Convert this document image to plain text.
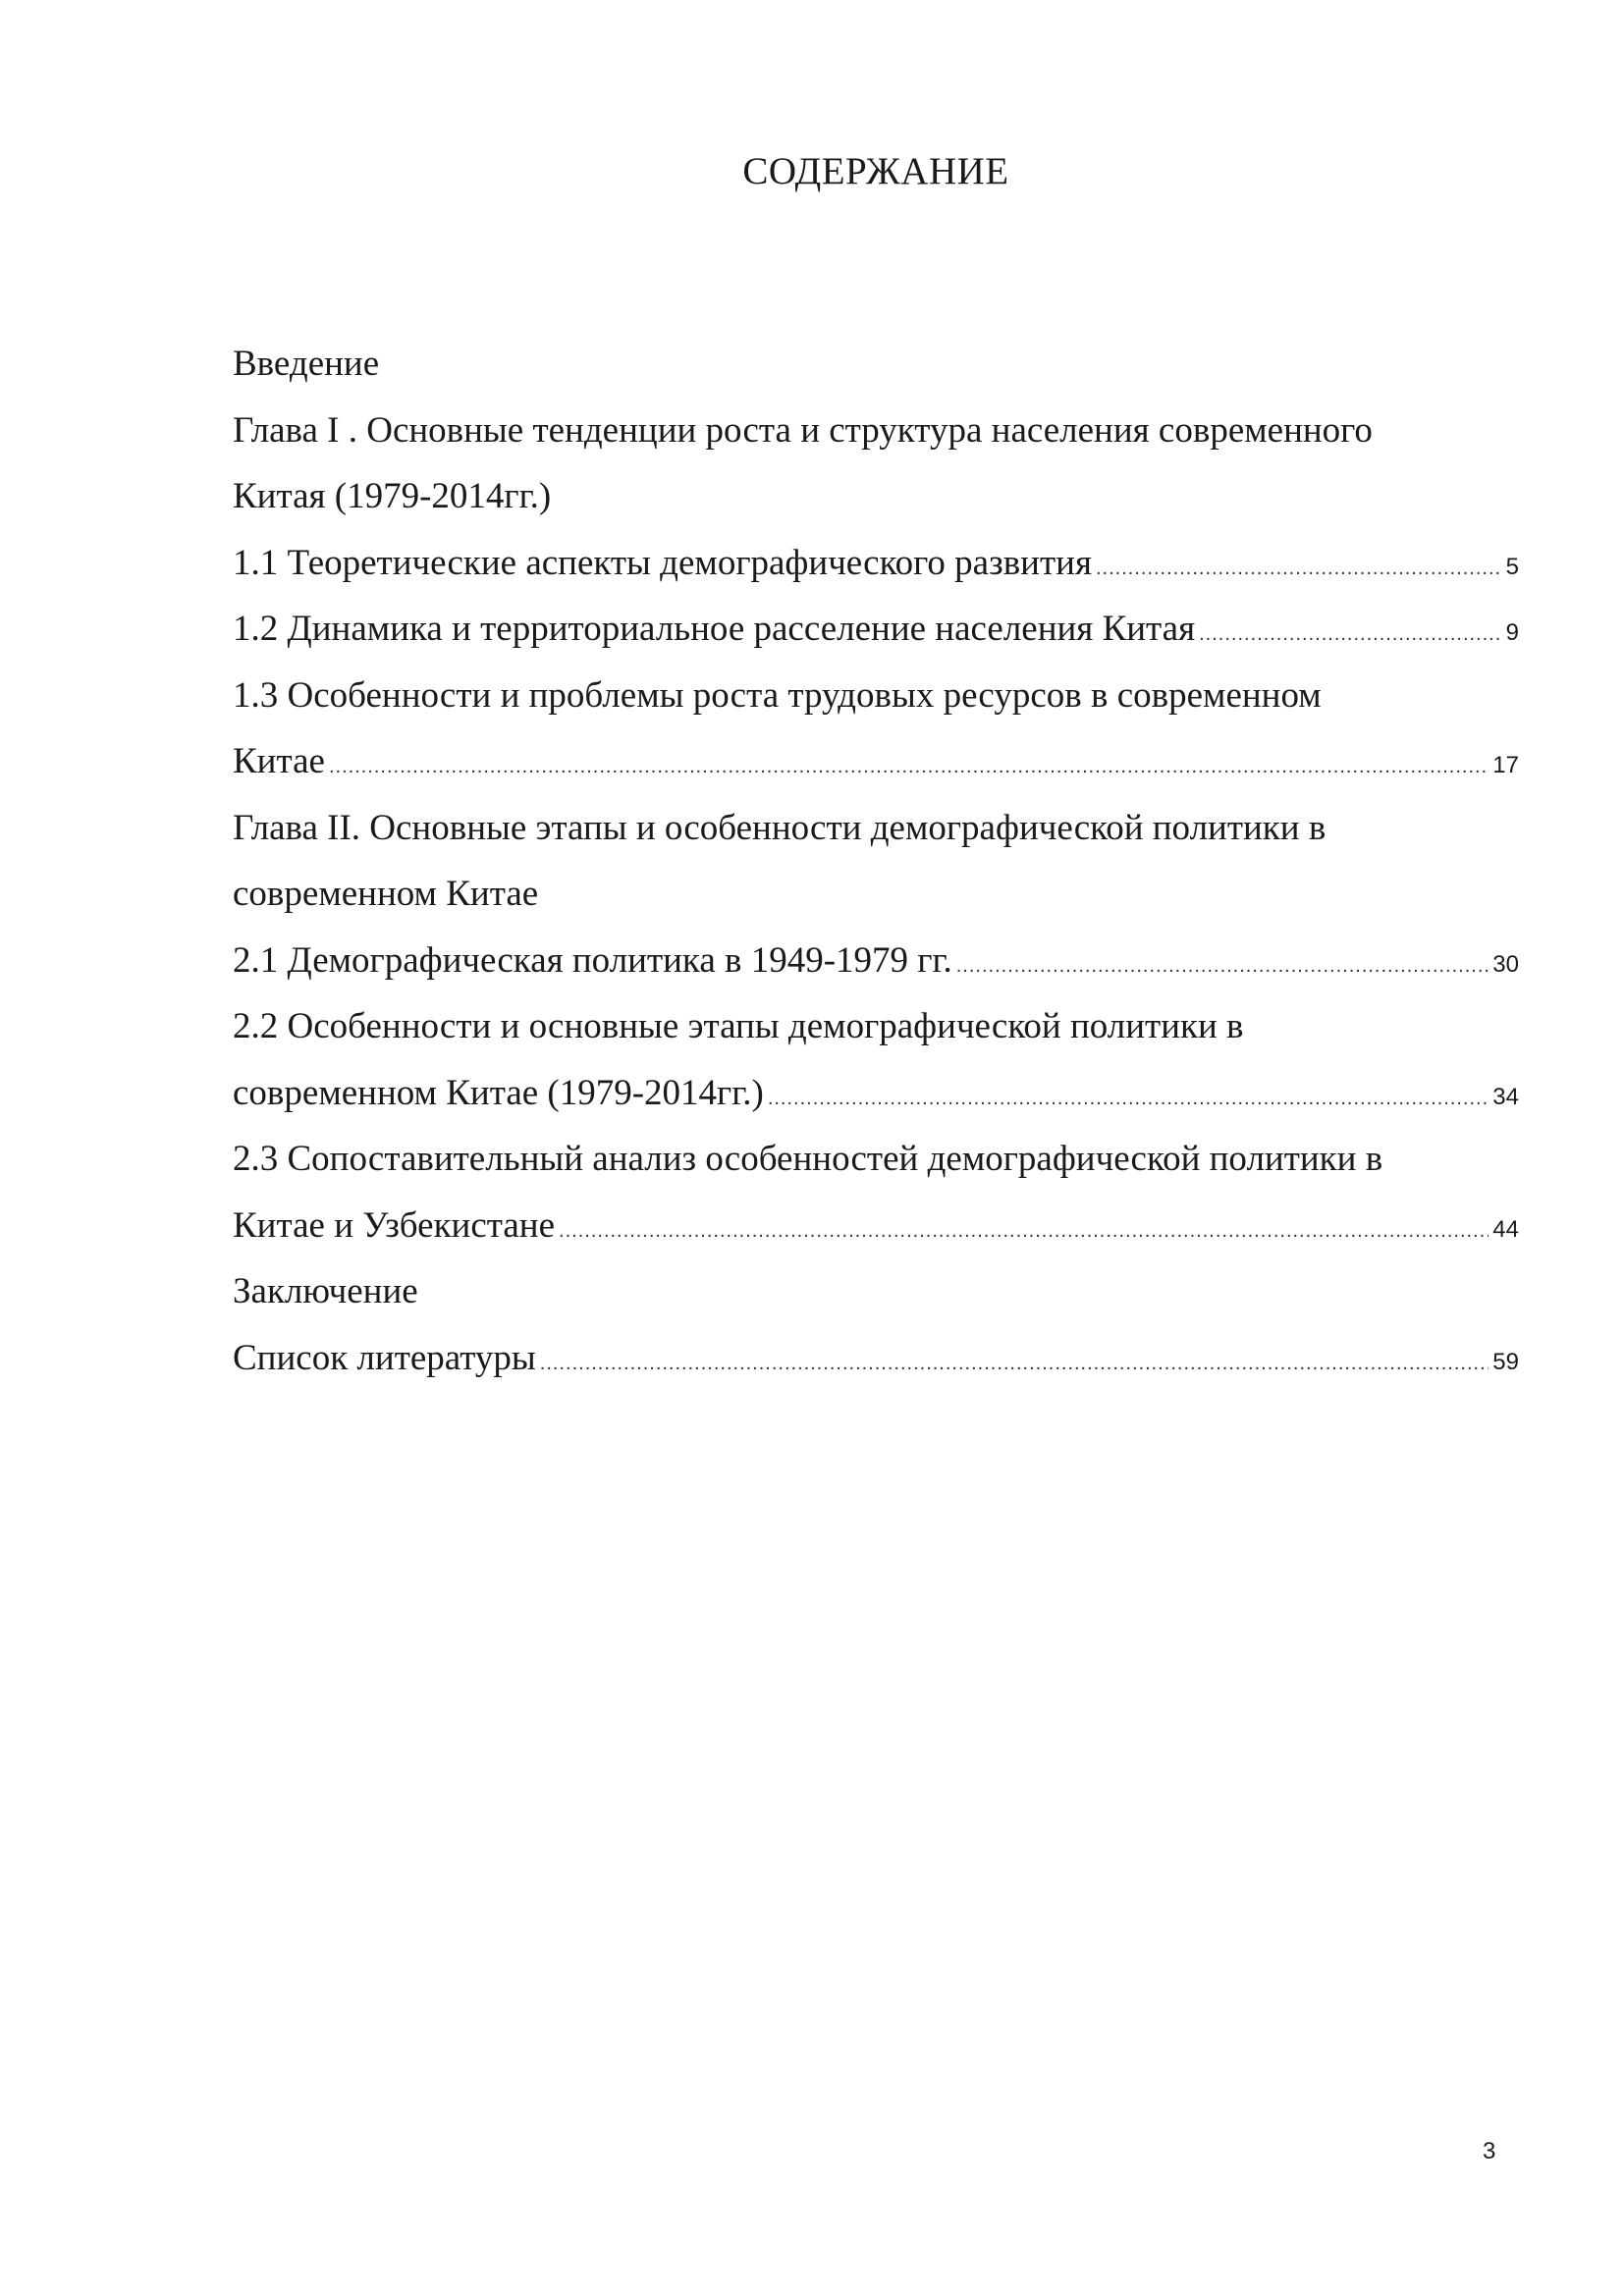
СОДЕРЖАНИЕ
Введение
Глава I . Основные тенденции роста и структура населения современного
Китая (1979-2014гг.)
1.1 Теоретические аспекты демографического развития .....	5
1.2 Динамика и территориальное расселение населения Китая .....	9
1.3 Особенности и проблемы роста трудовых ресурсов в современном
Китае .....	17
Глава II. Основные этапы и особенности демографической политики в
современном Китае
2.1 Демографическая политика в 1949-1979 гг. .....	30
2.2 Особенности и основные этапы демографической политики в
современном Китае (1979-2014гг.) .....	34
2.3 Сопоставительный анализ особенностей демографической политики в
Китае и Узбекистане .....	44
Заключение
Список литературы .....	59

3
